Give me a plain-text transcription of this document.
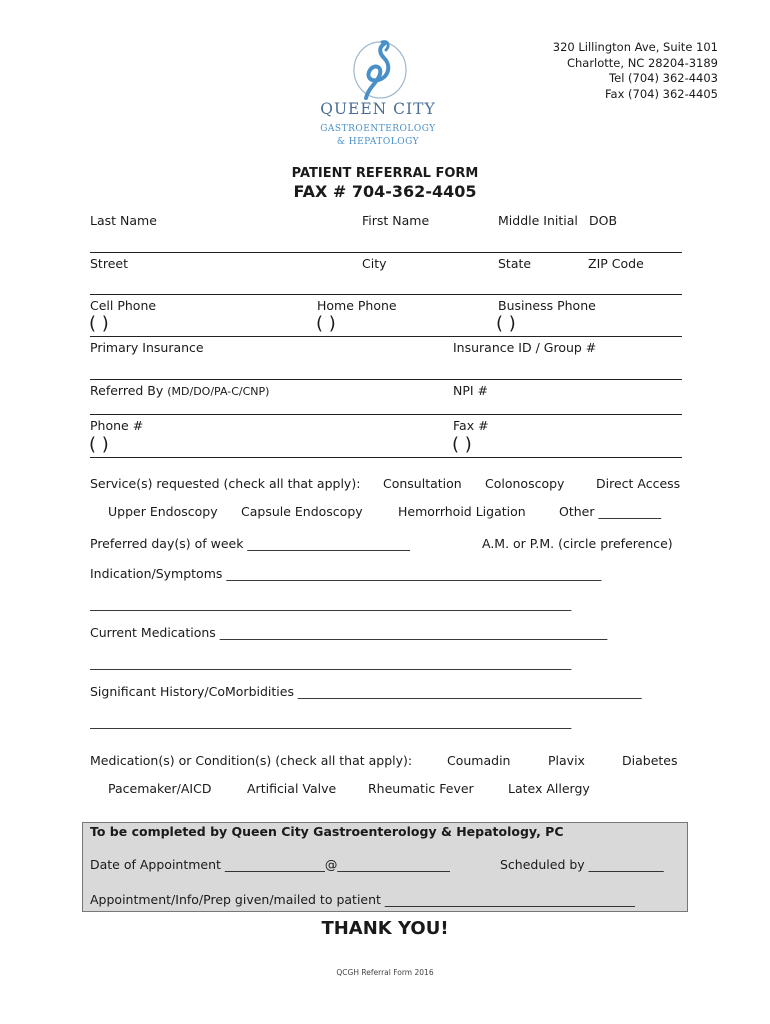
QUEEN CITY
GASTROENTEROLOGY
& HEPATOLOGY
320 Lillington Ave, Suite 101
Charlotte, NC 28204-3189
Tel (704) 362-4403
Fax (704) 362-4405
PATIENT REFERRAL FORM
FAX # 704-362-4405
Last Name	First Name	Middle Initial DOB
Street	City	State	ZIP Code
Cell Phone	Home Phone	Business Phone
( )	( )	( )
Primary Insurance	Insurance ID / Group #
Referred By (MD/DO/PA-C/CNP)	NPI #
Phone #	Fax #
( )	( )
Service(s) requested (check all that apply): Consultation Colonoscopy	Direct Access
Upper Endoscopy Capsule Endoscopy	Hemorrhoid Ligation	Other __________
Preferred day(s) of week __________________________	A.M. or P.M. (circle preference)
Indication/Symptoms ____________________________________________________________
_____________________________________________________________________________
Current Medications ______________________________________________________________
_____________________________________________________________________________
Significant History/CoMorbidities _______________________________________________________
_____________________________________________________________________________
Medication(s) or Condition(s) (check all that apply):	Coumadin	Plavix	Diabetes
Pacemaker/AICD	Artificial Valve	Rheumatic Fever	Latex Allergy
To be completed by Queen City Gastroenterology & Hepatology, PC
Date of Appointment ________________@__________________	Scheduled by ____________
Appointment/Info/Prep given/mailed to patient ________________________________________
THANK YOU!
QCGH Referral Form 2016
